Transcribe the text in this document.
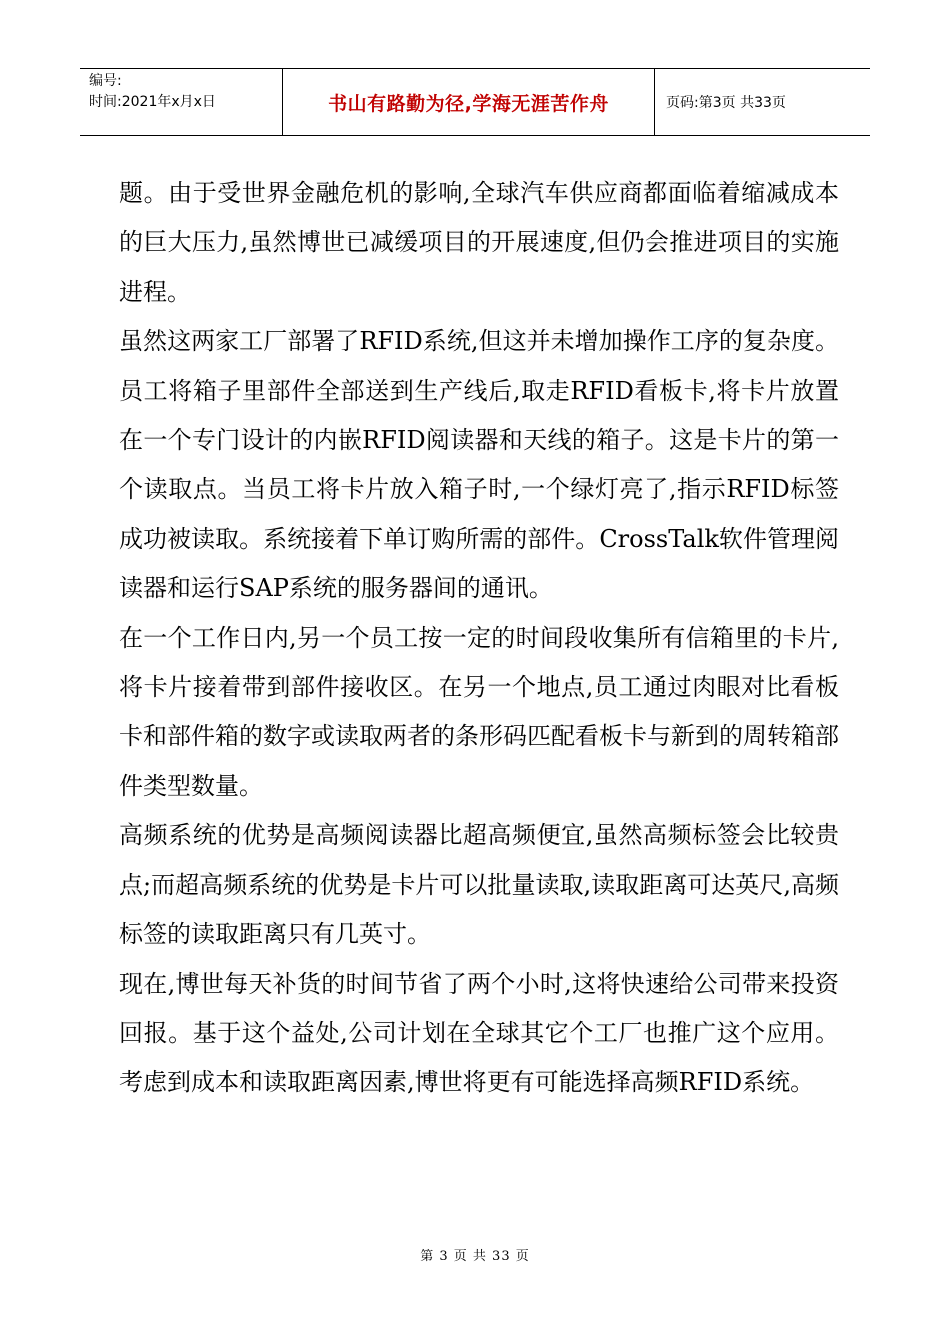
编号:
时间:2021年x月x日	书山有路勤为径,学海无涯苦作舟	页码:第3页 共33页

题。由于受世界金融危机的影响,全球汽车供应商都面临着缩减成本的巨大压力,虽然博世已减缓项目的开展速度,但仍会推进项目的实施进程。

虽然这两家工厂部署了RFID系统,但这并未增加操作工序的复杂度。员工将箱子里部件全部送到生产线后,取走RFID看板卡,将卡片放置在一个专门设计的内嵌RFID阅读器和天线的箱子。这是卡片的第一个读取点。当员工将卡片放入箱子时,一个绿灯亮了,指示RFID标签成功被读取。系统接着下单订购所需的部件。CrossTalk软件管理阅读器和运行SAP系统的服务器间的通讯。

在一个工作日内,另一个员工按一定的时间段收集所有信箱里的卡片,将卡片接着带到部件接收区。在另一个地点,员工通过肉眼对比看板卡和部件箱的数字或读取两者的条形码匹配看板卡与新到的周转箱部件类型数量。

高频系统的优势是高频阅读器比超高频便宜,虽然高频标签会比较贵点;而超高频系统的优势是卡片可以批量读取,读取距离可达英尺,高频标签的读取距离只有几英寸。

现在,博世每天补货的时间节省了两个小时,这将快速给公司带来投资回报。基于这个益处,公司计划在全球其它个工厂也推广这个应用。考虑到成本和读取距离因素,博世将更有可能选择高频RFID系统。

第 3 页 共 33 页
